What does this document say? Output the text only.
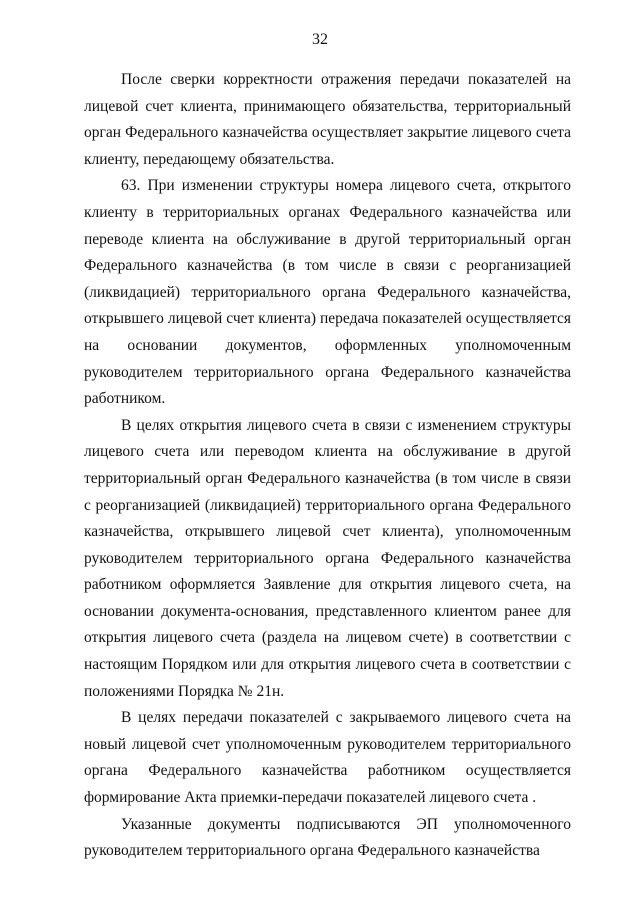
32

После сверки корректности отражения передачи показателей на лицевой счет клиента, принимающего обязательства, территориальный орган Федерального казначейства осуществляет закрытие лицевого счета клиенту, передающему обязательства.

63. При изменении структуры номера лицевого счета, открытого клиенту в территориальных органах Федерального казначейства или переводе клиента на обслуживание в другой территориальный орган Федерального казначейства (в том числе в связи с реорганизацией (ликвидацией) территориального органа Федерального казначейства, открывшего лицевой счет клиента) передача показателей осуществляется на основании документов, оформленных уполномоченным руководителем территориального органа Федерального казначейства работником.

В целях открытия лицевого счета в связи с изменением структуры лицевого счета или переводом клиента на обслуживание в другой территориальный орган Федерального казначейства (в том числе в связи с реорганизацией (ликвидацией) территориального органа Федерального казначейства, открывшего лицевой счет клиента), уполномоченным руководителем территориального органа Федерального казначейства работником оформляется Заявление для открытия лицевого счета, на основании документа-основания, представленного клиентом ранее для открытия лицевого счета (раздела на лицевом счете) в соответствии с настоящим Порядком или для открытия лицевого счета в соответствии с положениями Порядка № 21н.

В целях передачи показателей с закрываемого лицевого счета на новый лицевой счет уполномоченным руководителем территориального органа Федерального казначейства работником осуществляется формирование Акта приемки-передачи показателей лицевого счета .

Указанные документы подписываются ЭП уполномоченного руководителем территориального органа Федерального казначейства
